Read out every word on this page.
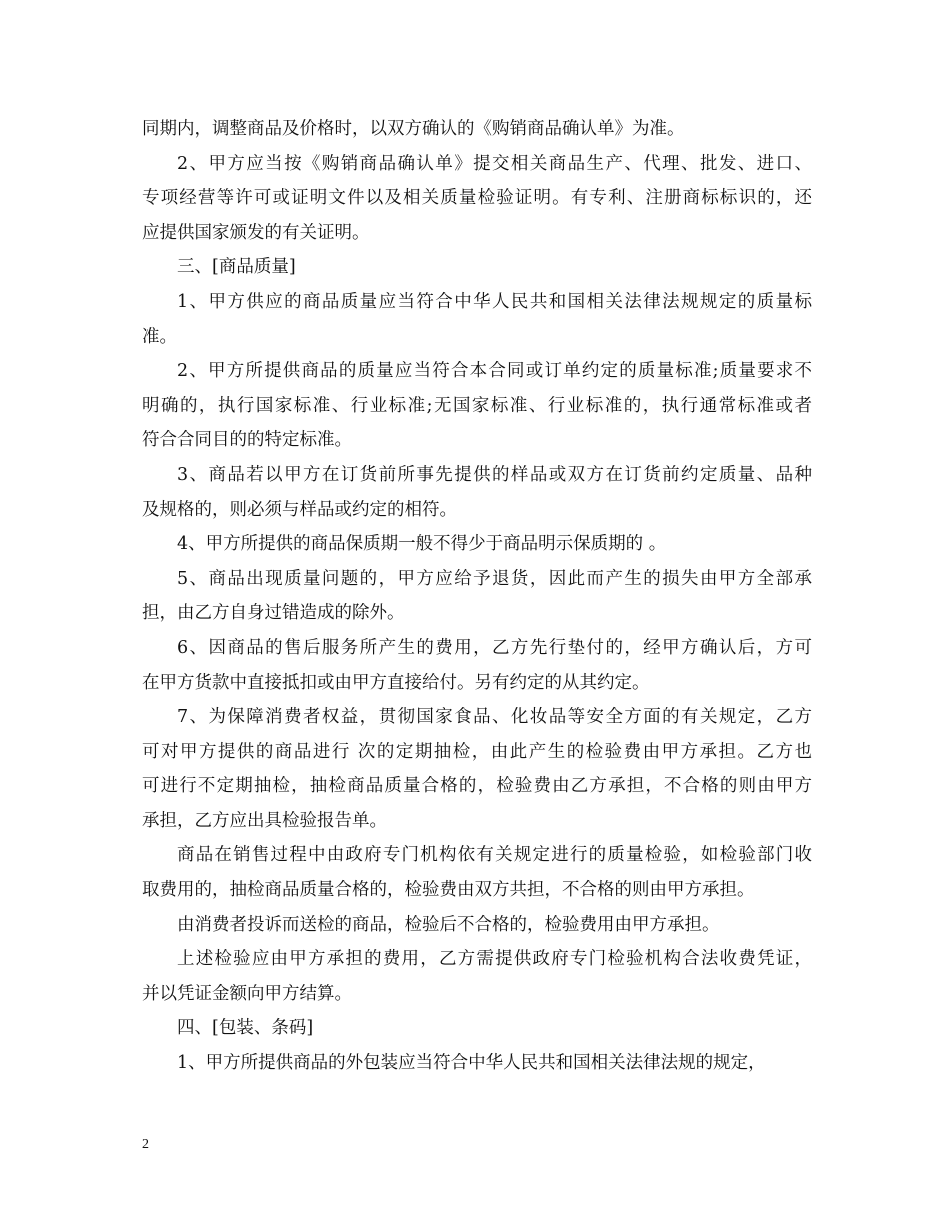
同期内，调整商品及价格时，以双方确认的《购销商品确认单》为准。

2、甲方应当按《购销商品确认单》提交相关商品生产、代理、批发、进口、
专项经营等许可或证明文件以及相关质量检验证明。有专利、注册商标标识的，还
应提供国家颁发的有关证明。

三、[商品质量]

1、甲方供应的商品质量应当符合中华人民共和国相关法律法规规定的质量标
准。

2、甲方所提供商品的质量应当符合本合同或订单约定的质量标准;质量要求不
明确的，执行国家标准、行业标准;无国家标准、行业标准的，执行通常标准或者
符合合同目的的特定标准。

3、商品若以甲方在订货前所事先提供的样品或双方在订货前约定质量、品种
及规格的，则必须与样品或约定的相符。

4、甲方所提供的商品保质期一般不得少于商品明示保质期的 。

5、商品出现质量问题的，甲方应给予退货，因此而产生的损失由甲方全部承
担，由乙方自身过错造成的除外。

6、因商品的售后服务所产生的费用，乙方先行垫付的，经甲方确认后，方可
在甲方货款中直接抵扣或由甲方直接给付。另有约定的从其约定。

7、为保障消费者权益，贯彻国家食品、化妆品等安全方面的有关规定，乙方
可对甲方提供的商品进行 次的定期抽检，由此产生的检验费由甲方承担。乙方也
可进行不定期抽检，抽检商品质量合格的，检验费由乙方承担，不合格的则由甲方
承担，乙方应出具检验报告单。

商品在销售过程中由政府专门机构依有关规定进行的质量检验，如检验部门收
取费用的，抽检商品质量合格的，检验费由双方共担，不合格的则由甲方承担。

由消费者投诉而送检的商品，检验后不合格的，检验费用由甲方承担。

上述检验应由甲方承担的费用，乙方需提供政府专门检验机构合法收费凭证，
并以凭证金额向甲方结算。

四、[包装、条码]

1、甲方所提供商品的外包装应当符合中华人民共和国相关法律法规的规定，

2
